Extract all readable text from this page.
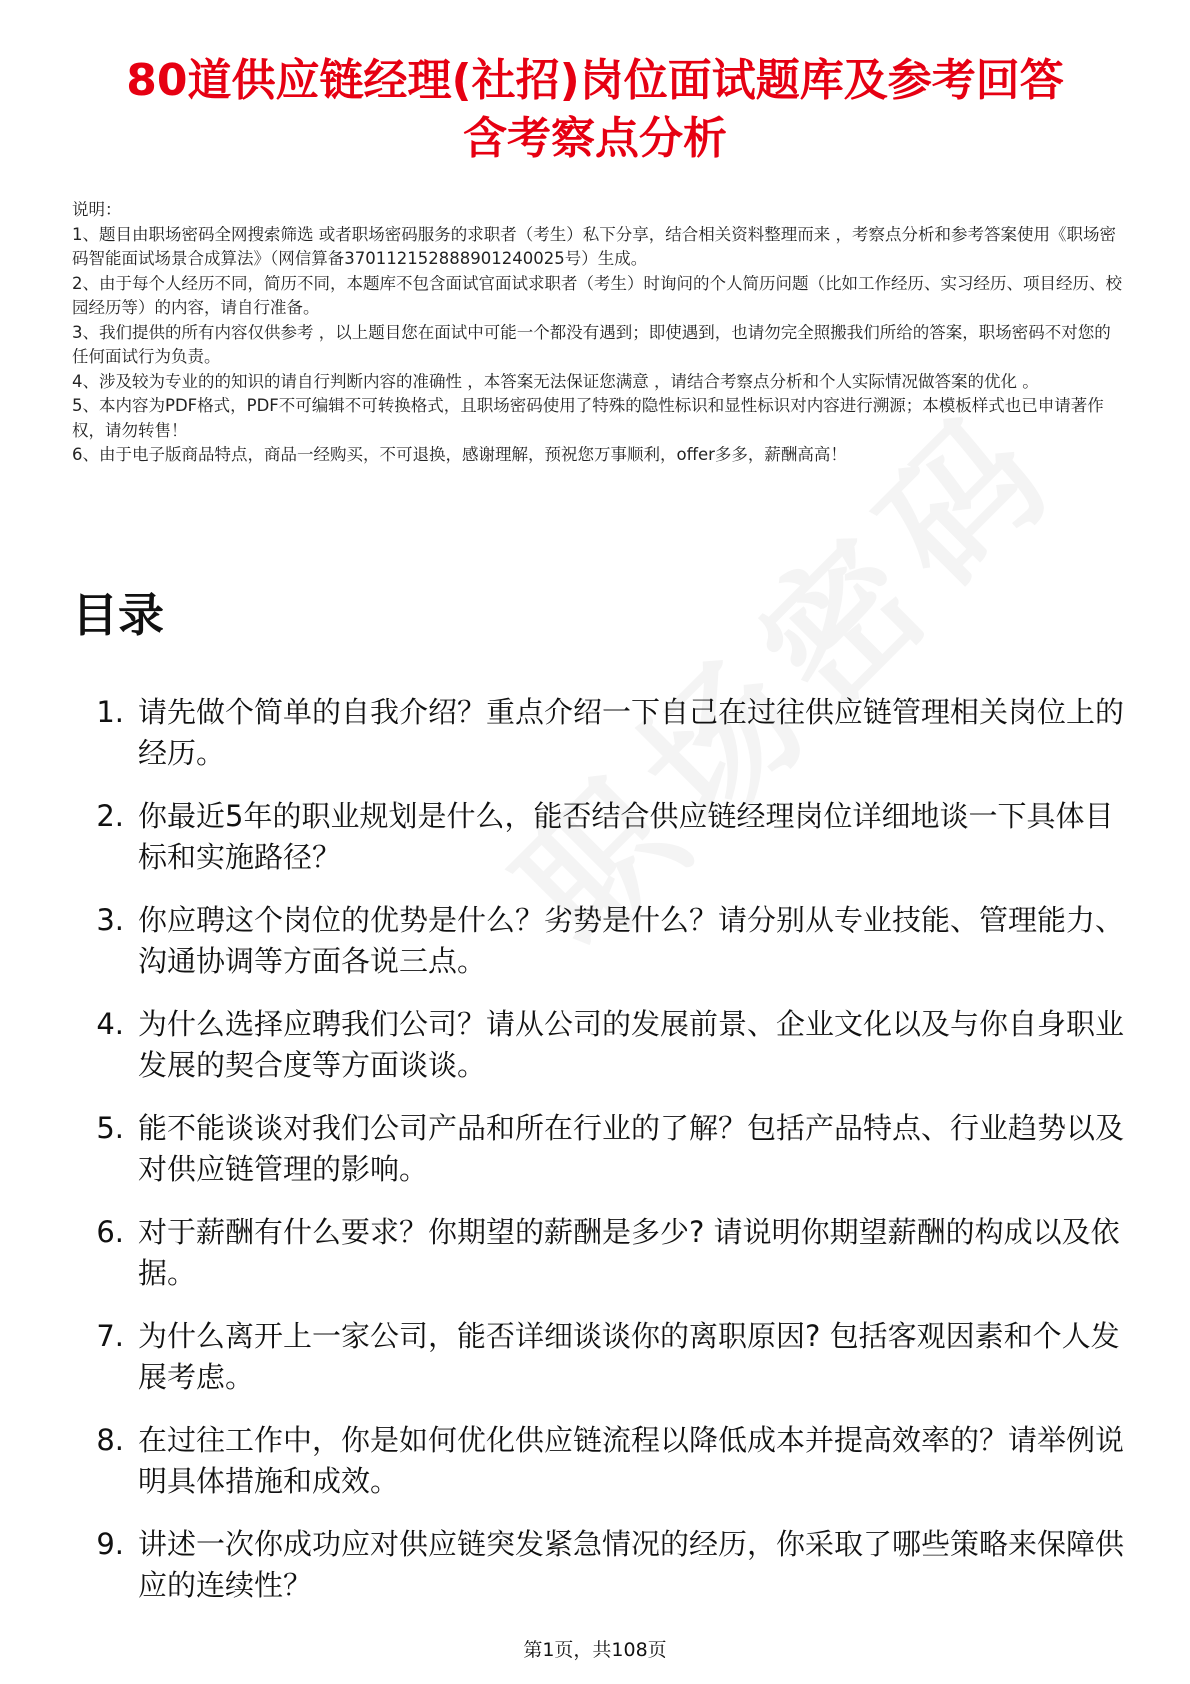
80道供应链经理(社招)岗位面试题库及参考回答
含考察点分析

说明：

1、题目由职场密码全网搜索筛选 或者职场密码服务的求职者（考生）私下分享，结合相关资料整理而来 ，考察点分析和参考答案使用《职场密码智能面试场景合成算法》（网信算备370112152888901240025号）生成。

2、由于每个人经历不同，简历不同，本题库不包含面试官面试求职者（考生）时询问的个人简历问题（比如工作经历、实习经历、项目经历、校园经历等）的内容，请自行准备。

3、我们提供的所有内容仅供参考 ，以上题目您在面试中可能一个都没有遇到；即使遇到，也请勿完全照搬我们所给的答案，职场密码不对您的任何面试行为负责。

4、涉及较为专业的的知识的请自行判断内容的准确性 ，本答案无法保证您满意 ，请结合考察点分析和个人实际情况做答案的优化 。

5、本内容为PDF格式，PDF不可编辑不可转换格式，且职场密码使用了特殊的隐性标识和显性标识对内容进行溯源；本模板样式也已申请著作权，请勿转售！

6、由于电子版商品特点，商品一经购买，不可退换，感谢理解，预祝您万事顺利，offer多多，薪酬高高！

目录
1. 请先做个简单的自我介绍？重点介绍一下自己在过往供应链管理相关岗位上的经历。
2. 你最近5年的职业规划是什么，能否结合供应链经理岗位详细地谈一下具体目标和实施路径？
3. 你应聘这个岗位的优势是什么？劣势是什么？请分别从专业技能、管理能力、沟通协调等方面各说三点。
4. 为什么选择应聘我们公司？请从公司的发展前景、企业文化以及与你自身职业发展的契合度等方面谈谈。
5. 能不能谈谈对我们公司产品和所在行业的了解？包括产品特点、行业趋势以及对供应链管理的影响。
6. 对于薪酬有什么要求？你期望的薪酬是多少? 请说明你期望薪酬的构成以及依据。
7. 为什么离开上一家公司，能否详细谈谈你的离职原因? 包括客观因素和个人发展考虑。
8. 在过往工作中，你是如何优化供应链流程以降低成本并提高效率的？请举例说明具体措施和成效。
9. 讲述一次你成功应对供应链突发紧急情况的经历，你采取了哪些策略来保障供应的连续性？
第1页，共108页
